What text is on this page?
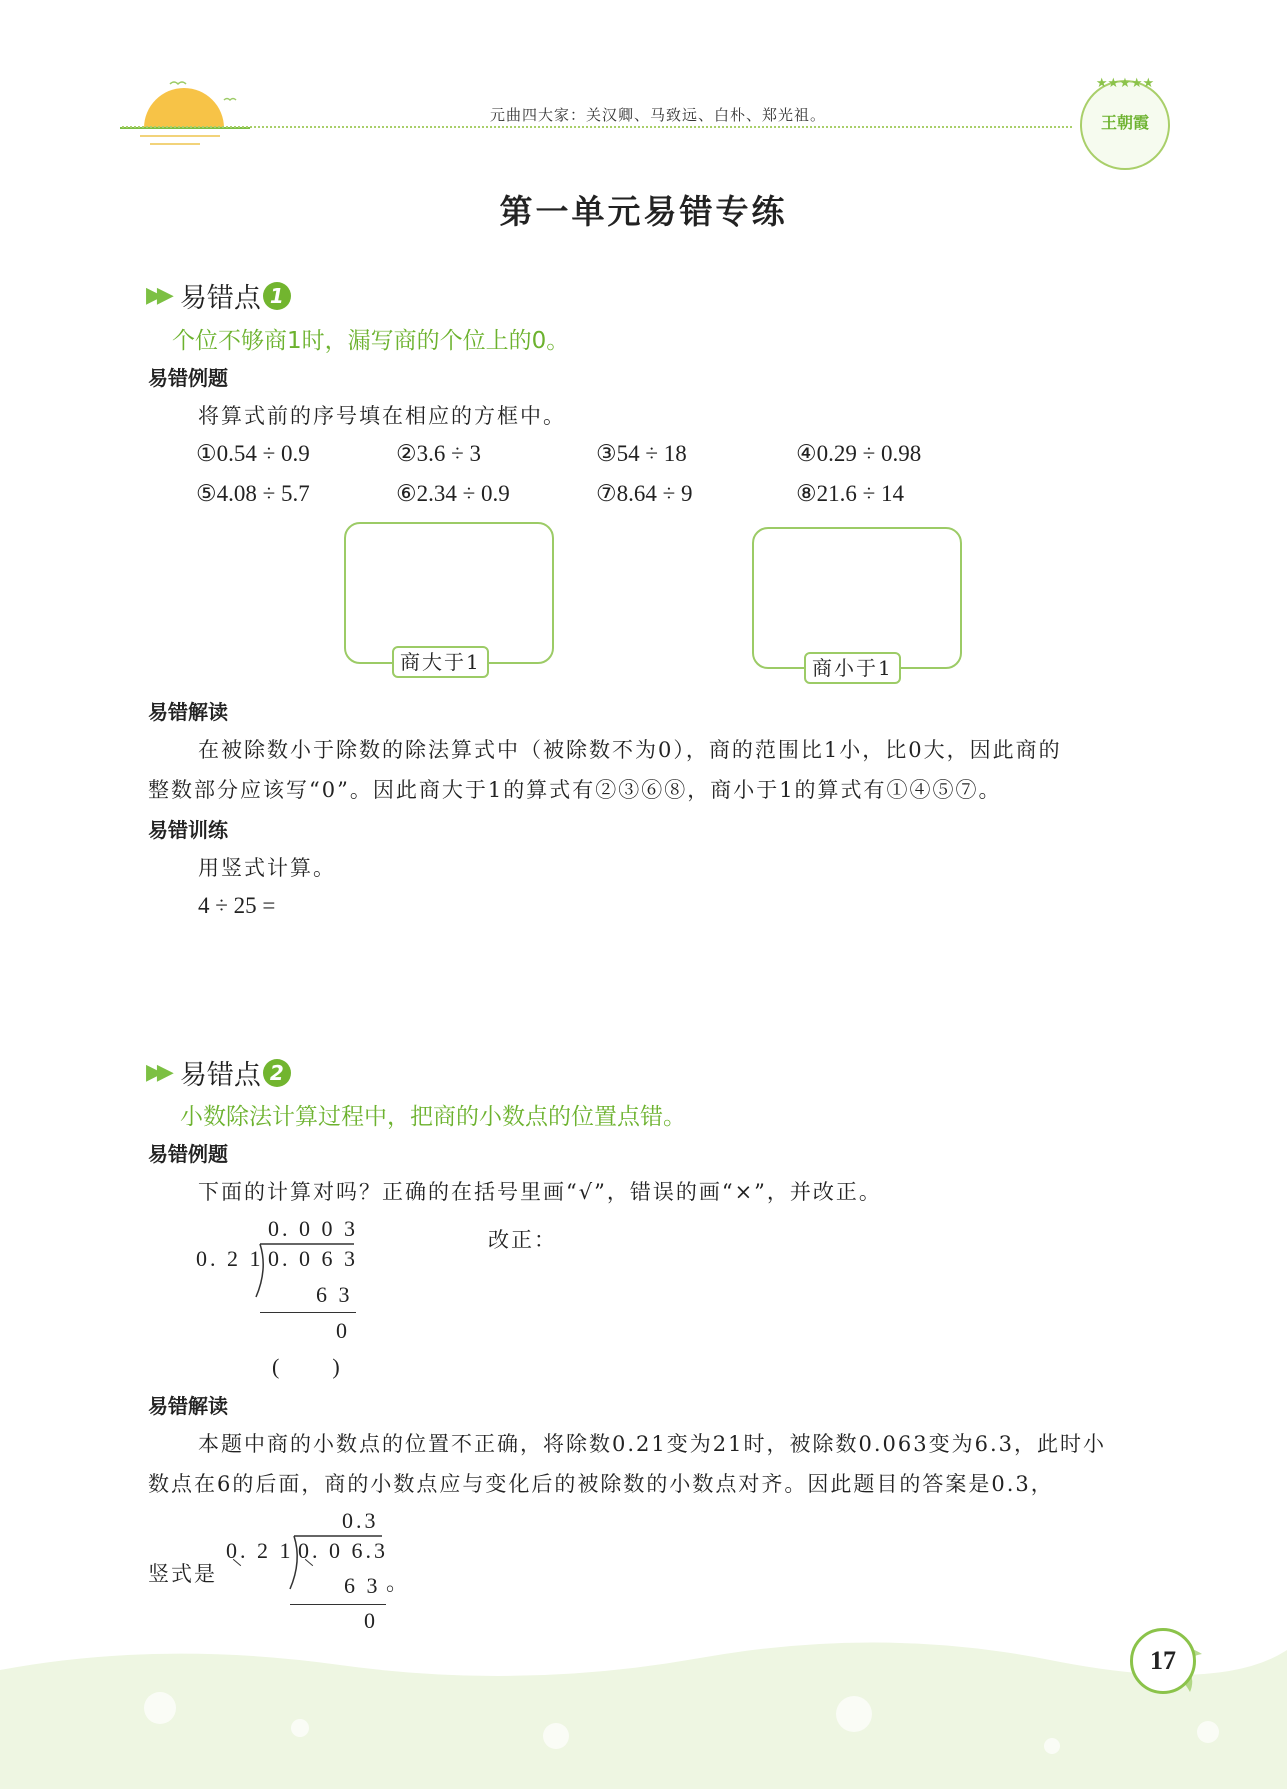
元曲四大家：关汉卿、马致远、白朴、郑光祖。
★★★★★
王朝霞
第一单元易错专练
▶▶ 易错点 1
个位不够商1时，漏写商的个位上的0。
易错例题
将算式前的序号填在相应的方框中。
①0.54 ÷ 0.9	②3.6 ÷ 3	③54 ÷ 18	④0.29 ÷ 0.98
⑤4.08 ÷ 5.7	⑥2.34 ÷ 0.9	⑦8.64 ÷ 9	⑧21.6 ÷ 14
商大于1	商小于1
易错解读
在被除数小于除数的除法算式中（被除数不为0），商的范围比1小，比0大，因此商的
整数部分应该写“0”。因此商大于1的算式有②③⑥⑧，商小于1的算式有①④⑤⑦。
易错训练
用竖式计算。
4 ÷ 25 =
▶▶ 易错点 2
小数除法计算过程中，把商的小数点的位置点错。
易错例题
下面的计算对吗？正确的在括号里画“√”，错误的画“×”，并改正。
0. 0 0 3
0. 2 1 0. 0 6 3
6 3
0
(　　)
改正：
易错解读
本题中商的小数点的位置不正确，将除数0.21变为21时，被除数0.063变为6.3，此时小
数点在6的后面，商的小数点应与变化后的被除数的小数点对齐。因此题目的答案是0.3，
竖式是
0.3
0. 2 1 0. 0 6.3
6 3 。
0
17
